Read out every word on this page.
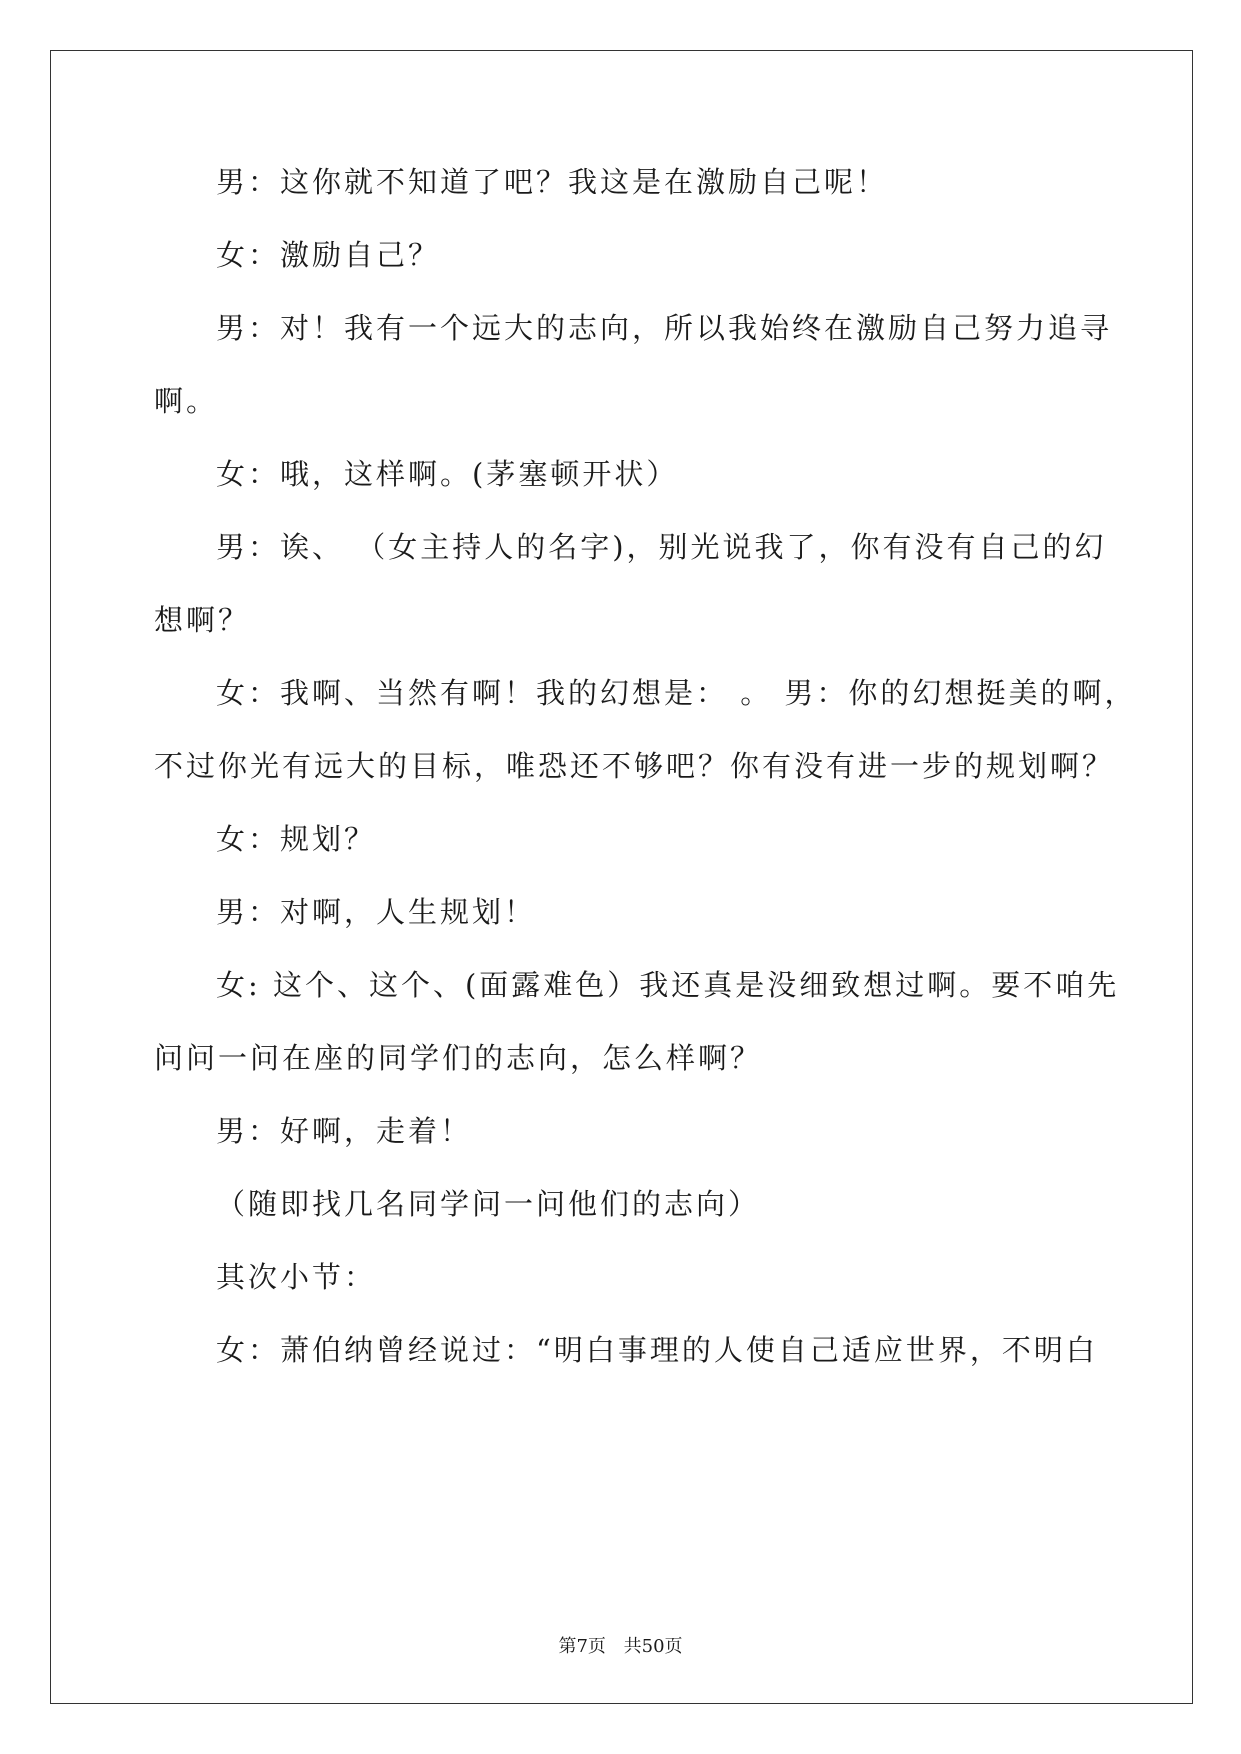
男：这你就不知道了吧？我这是在激励自己呢！
女：激励自己？
男：对！我有一个远大的志向，所以我始终在激励自己努力追寻
啊。
女：哦，这样啊。(茅塞顿开状）
男：诶、 （女主持人的名字)，别光说我了，你有没有自己的幻
想啊？
女：我啊、当然有啊！我的幻想是： 。 男：你的幻想挺美的啊，
不过你光有远大的目标，唯恐还不够吧？你有没有进一步的规划啊？
女：规划？
男：对啊，人生规划！
女: 这个、这个、(面露难色）我还真是没细致想过啊。要不咱先
问问一问在座的同学们的志向，怎么样啊？
男：好啊，走着！
（随即找几名同学问一问他们的志向）
其次小节：
女：萧伯纳曾经说过：“明白事理的人使自己适应世界，不明白
第7页 共50页
